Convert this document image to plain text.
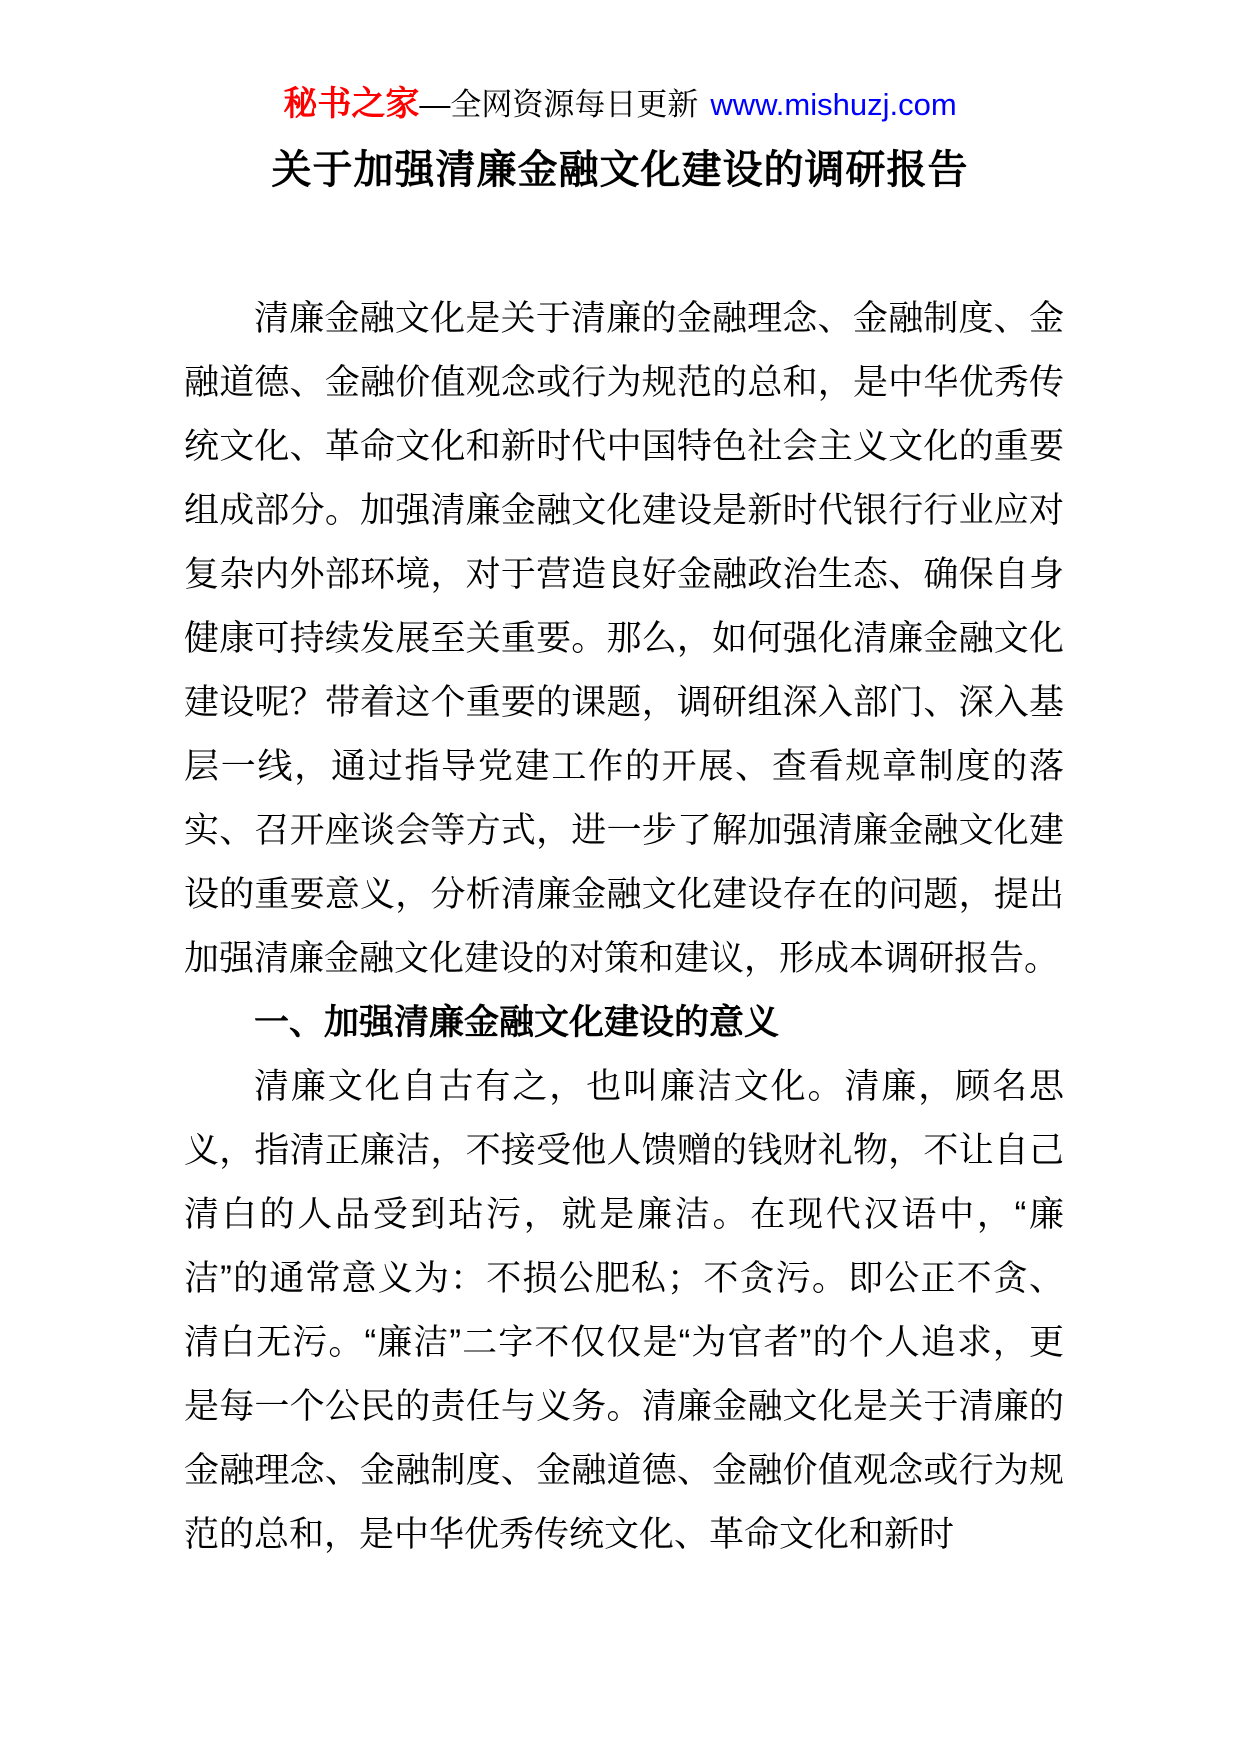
秘书之家—全网资源每日更新 www.mishuzj.com
关于加强清廉金融文化建设的调研报告

清廉金融文化是关于清廉的金融理念、金融制度、金融道德、金融价值观念或行为规范的总和，是中华优秀传统文化、革命文化和新时代中国特色社会主义文化的重要组成部分。加强清廉金融文化建设是新时代银行行业应对复杂内外部环境，对于营造良好金融政治生态、确保自身健康可持续发展至关重要。那么，如何强化清廉金融文化建设呢？带着这个重要的课题，调研组深入部门、深入基层一线，通过指导党建工作的开展、查看规章制度的落实、召开座谈会等方式，进一步了解加强清廉金融文化建设的重要意义，分析清廉金融文化建设存在的问题，提出加强清廉金融文化建设的对策和建议，形成本调研报告。

一、加强清廉金融文化建设的意义

清廉文化自古有之，也叫廉洁文化。清廉，顾名思义，指清正廉洁，不接受他人馈赠的钱财礼物，不让自己清白的人品受到玷污，就是廉洁。在现代汉语中，“廉洁”的通常意义为：不损公肥私；不贪污。即公正不贪、清白无污。“廉洁”二字不仅仅是“为官者”的个人追求，更是每一个公民的责任与义务。清廉金融文化是关于清廉的金融理念、金融制度、金融道德、金融价值观念或行为规范的总和，是中华优秀传统文化、革命文化和新时
